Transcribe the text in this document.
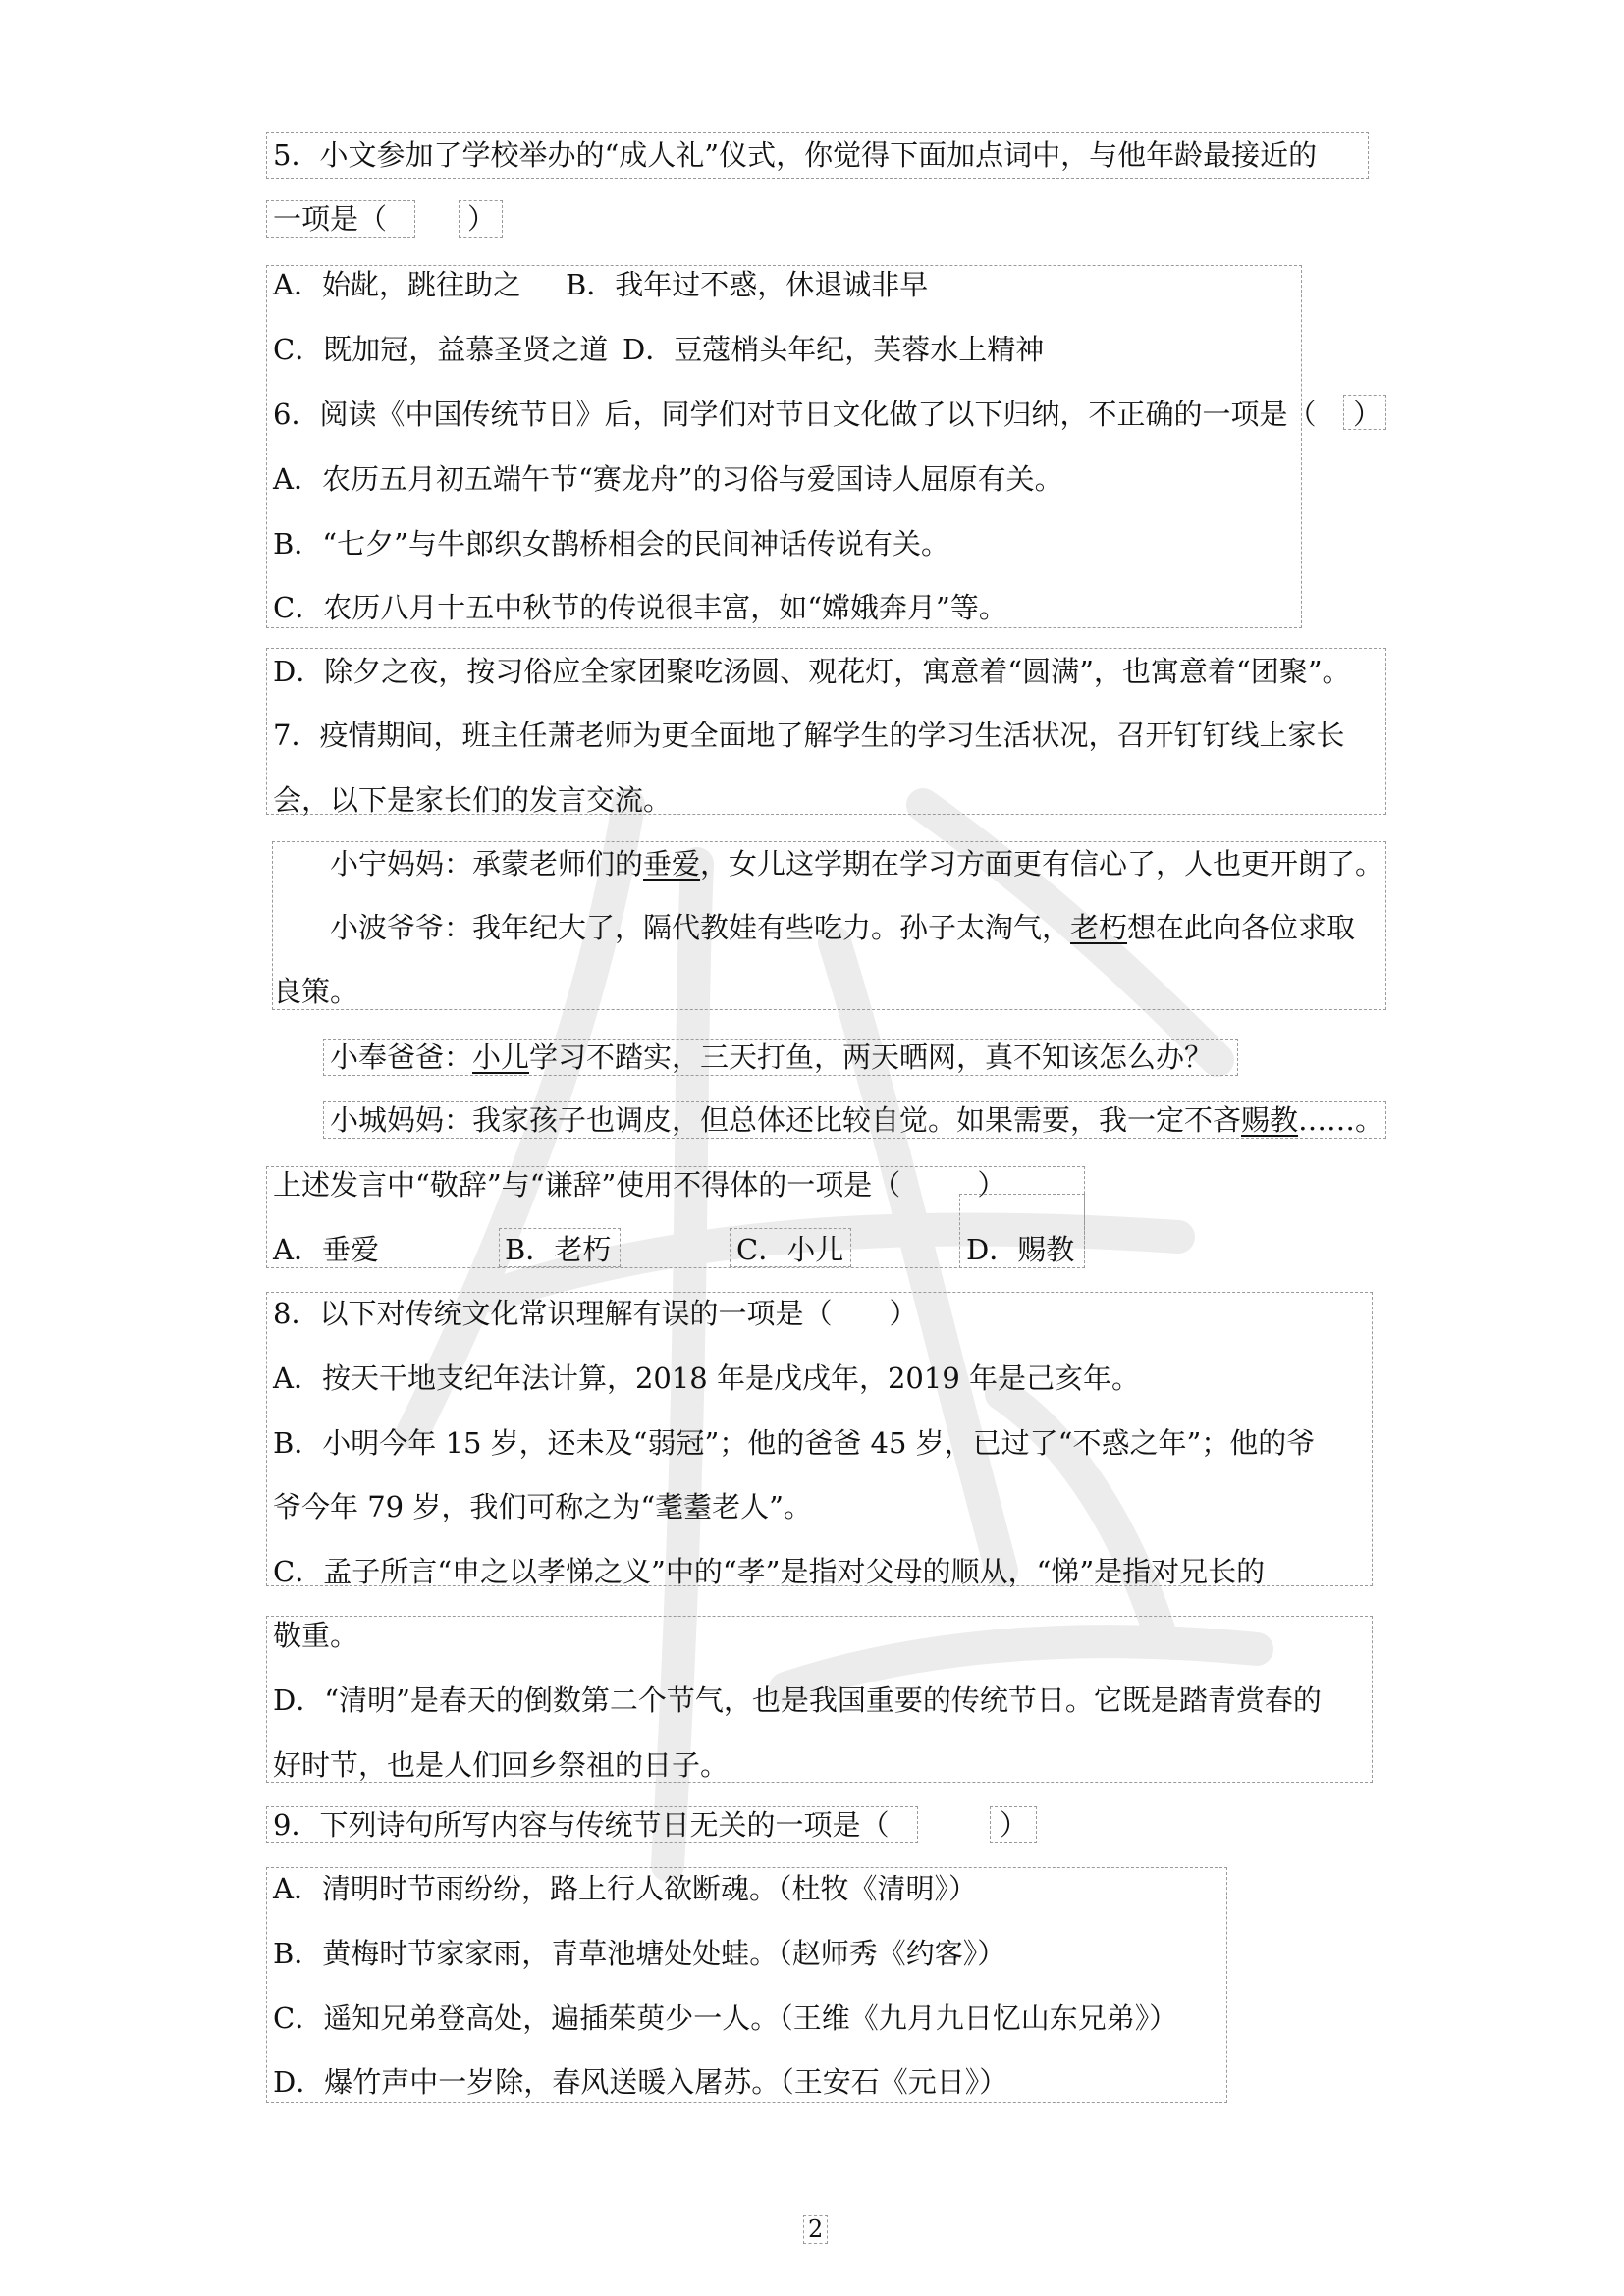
5．小文参加了学校举办的“成人礼”仪式，你觉得下面加点词中，与他年龄最接近的
一项是（	）
A．始龀，跳往助之 B．我年过不惑，休退诚非早
C．既加冠，益慕圣贤之道 D．豆蔻梢头年纪，芙蓉水上精神
6．阅读《中国传统节日》后，同学们对节日文化做了以下归纳，不正确的一项是（ ）
A．农历五月初五端午节“赛龙舟”的习俗与爱国诗人屈原有关。
B．“七夕”与牛郎织女鹊桥相会的民间神话传说有关。
C．农历八月十五中秋节的传说很丰富，如“嫦娥奔月”等。
D．除夕之夜，按习俗应全家团聚吃汤圆、观花灯，寓意着“圆满”，也寓意着“团聚”。
7．疫情期间，班主任萧老师为更全面地了解学生的学习生活状况，召开钉钉线上家长
会，以下是家长们的发言交流。
小宁妈妈：承蒙老师们的垂爱，女儿这学期在学习方面更有信心了，人也更开朗了。
小波爷爷：我年纪大了，隔代教娃有些吃力。孙子太淘气，老朽想在此向各位求取
良策。
小奉爸爸：小儿学习不踏实，三天打鱼，两天晒网，真不知该怎么办？
小城妈妈：我家孩子也调皮，但总体还比较自觉。如果需要，我一定不吝赐教……。
上述发言中“敬辞”与“谦辞”使用不得体的一项是（	）
A．垂爱	B．老朽	C．小儿	D．赐教
8．以下对传统文化常识理解有误的一项是（　　）
A．按天干地支纪年法计算，2018 年是戊戌年，2019 年是己亥年。
B．小明今年 15 岁，还未及“弱冠”；他的爸爸 45 岁，已过了“不惑之年”；他的爷
爷今年 79 岁，我们可称之为“耄耋老人”。
C．孟子所言“申之以孝悌之义”中的“孝”是指对父母的顺从，“悌”是指对兄长的
敬重。
D．“清明”是春天的倒数第二个节气，也是我国重要的传统节日。它既是踏青赏春的
好时节，也是人们回乡祭祖的日子。
9．下列诗句所写内容与传统节日无关的一项是（	）
A．清明时节雨纷纷，路上行人欲断魂。（杜牧《清明》）
B．黄梅时节家家雨，青草池塘处处蛙。（赵师秀《约客》）
C．遥知兄弟登高处，遍插茱萸少一人。（王维《九月九日忆山东兄弟》）
D．爆竹声中一岁除，春风送暖入屠苏。（王安石《元日》）
2
